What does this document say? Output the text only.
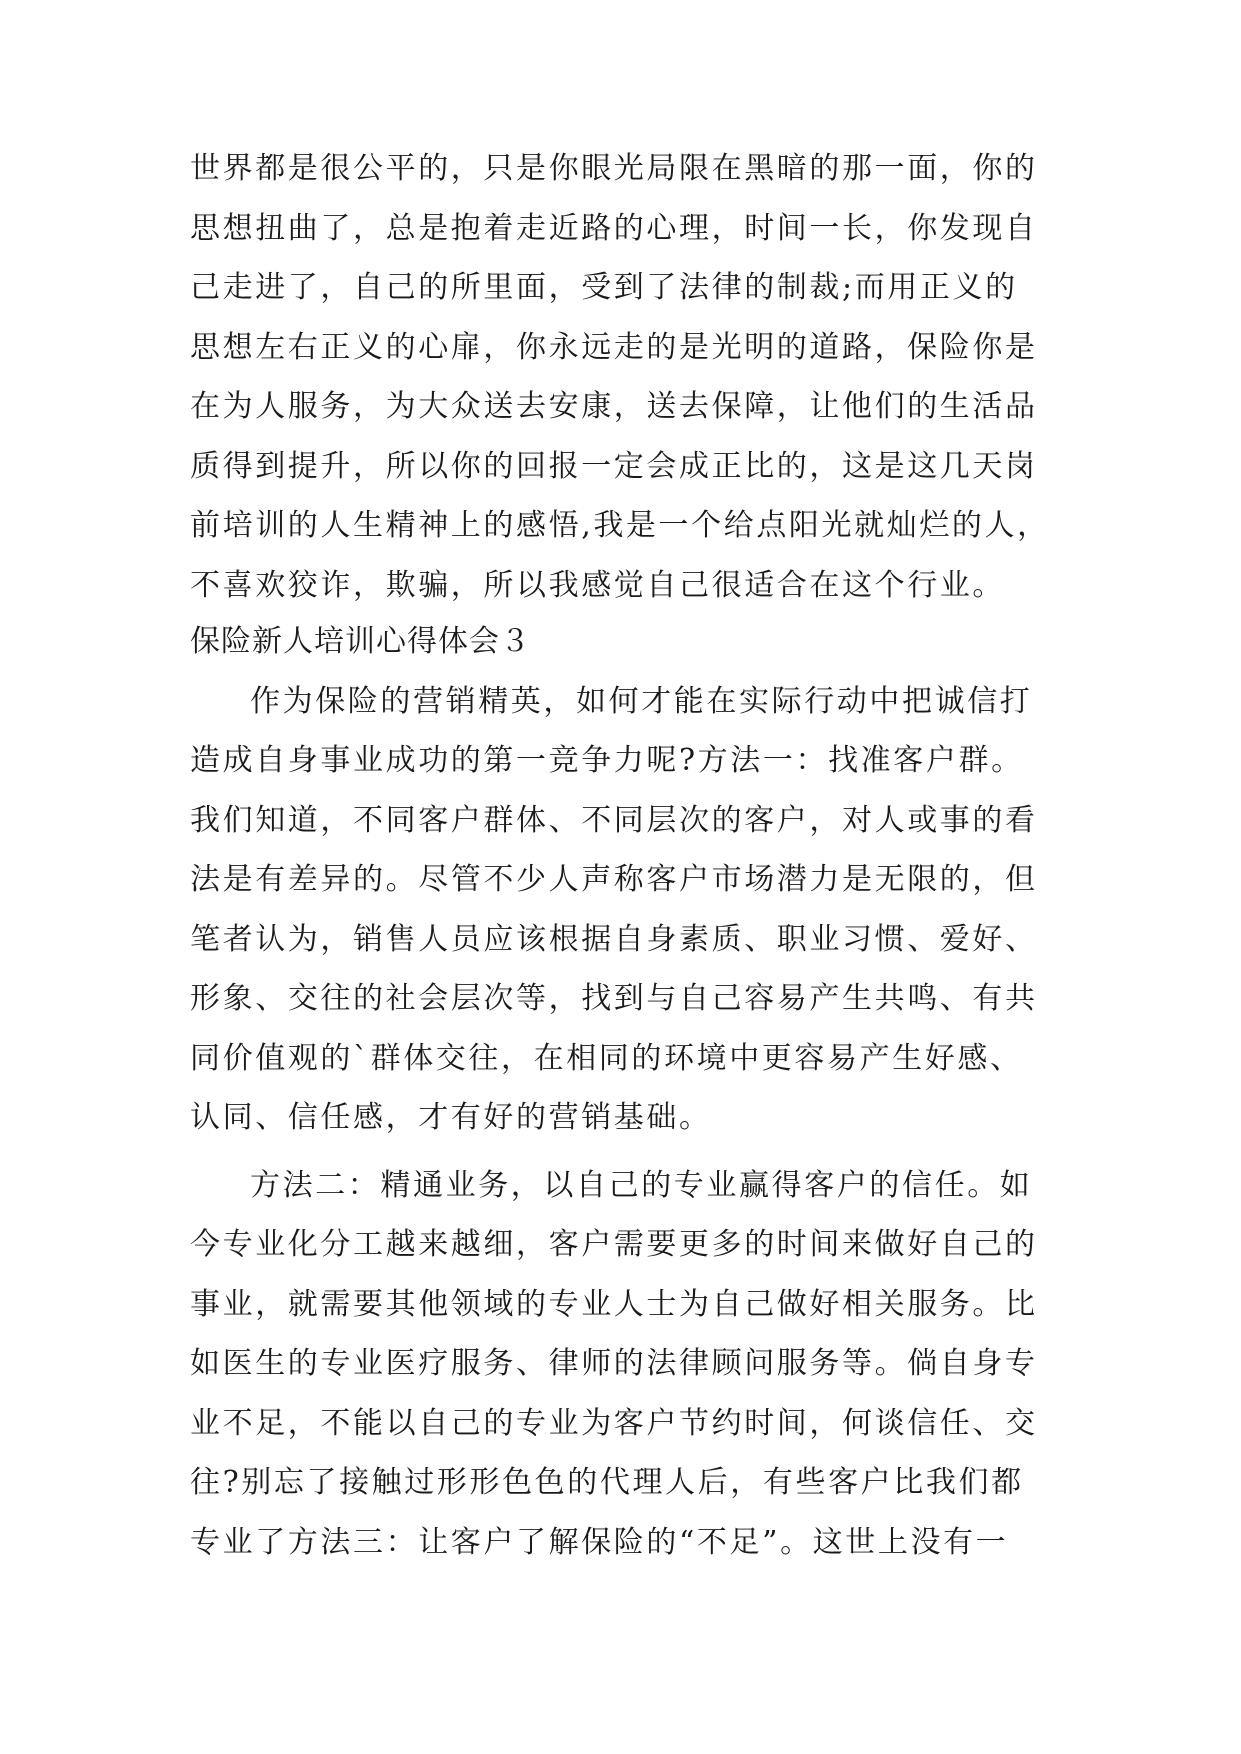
世界都是很公平的，只是你眼光局限在黑暗的那一面，你的

思想扭曲了，总是抱着走近路的心理，时间一长，你发现自

己走进了，自己的所里面，受到了法律的制裁;而用正义的

思想左右正义的心扉，你永远走的是光明的道路，保险你是

在为人服务，为大众送去安康，送去保障，让他们的生活品

质得到提升，所以你的回报一定会成正比的，这是这几天岗

前培训的人生精神上的感悟,我是一个给点阳光就灿烂的人，

不喜欢狡诈，欺骗，所以我感觉自己很适合在这个行业。

保险新人培训心得体会３

作为保险的营销精英，如何才能在实际行动中把诚信打

造成自身事业成功的第一竞争力呢?方法一：找准客户群。

我们知道，不同客户群体、不同层次的客户，对人或事的看

法是有差异的。尽管不少人声称客户市场潜力是无限的，但

笔者认为，销售人员应该根据自身素质、职业习惯、爱好、

形象、交往的社会层次等，找到与自己容易产生共鸣、有共

同价值观的`群体交往，在相同的环境中更容易产生好感、

认同、信任感，才有好的营销基础。

方法二：精通业务，以自己的专业赢得客户的信任。如

今专业化分工越来越细，客户需要更多的时间来做好自己的

事业，就需要其他领域的专业人士为自己做好相关服务。比

如医生的专业医疗服务、律师的法律顾问服务等。倘自身专

业不足，不能以自己的专业为客户节约时间，何谈信任、交

往?别忘了接触过形形色色的代理人后，有些客户比我们都

专业了方法三：让客户了解保险的“不足”。这世上没有一
